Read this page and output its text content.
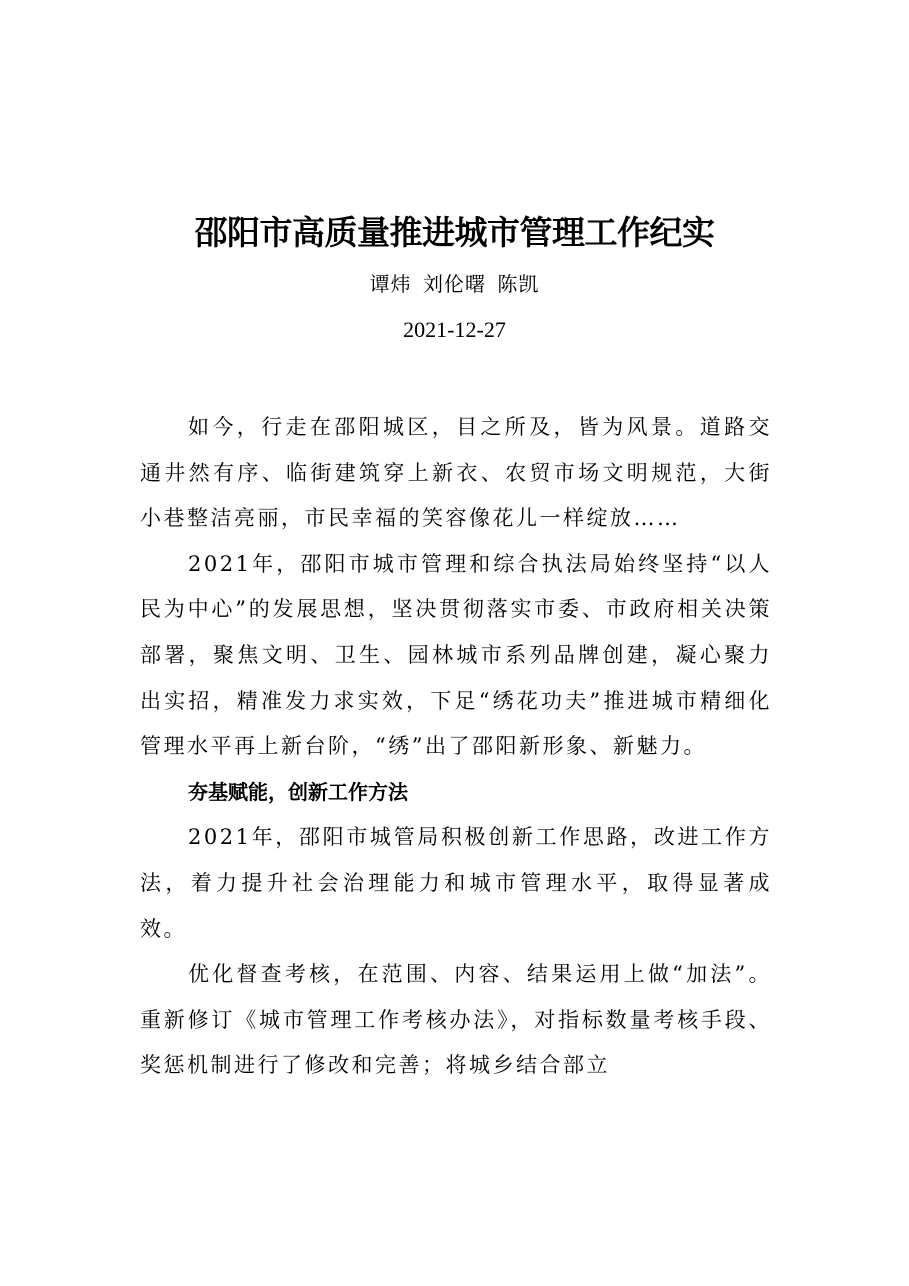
邵阳市高质量推进城市管理工作纪实
谭炜 刘伦曙 陈凯
2021-12-27

如今，行走在邵阳城区，目之所及，皆为风景。道路交通井然有序、临街建筑穿上新衣、农贸市场文明规范，大街小巷整洁亮丽，市民幸福的笑容像花儿一样绽放……

2021年，邵阳市城市管理和综合执法局始终坚持“以人民为中心”的发展思想，坚决贯彻落实市委、市政府相关决策部署，聚焦文明、卫生、园林城市系列品牌创建，凝心聚力出实招，精准发力求实效，下足“绣花功夫”推进城市精细化管理水平再上新台阶，“绣”出了邵阳新形象、新魅力。

夯基赋能，创新工作方法

2021年，邵阳市城管局积极创新工作思路，改进工作方法，着力提升社会治理能力和城市管理水平，取得显著成效。

优化督查考核，在范围、内容、结果运用上做“加法”。重新修订《城市管理工作考核办法》，对指标数量考核手段、奖惩机制进行了修改和完善；将城乡结合部立
